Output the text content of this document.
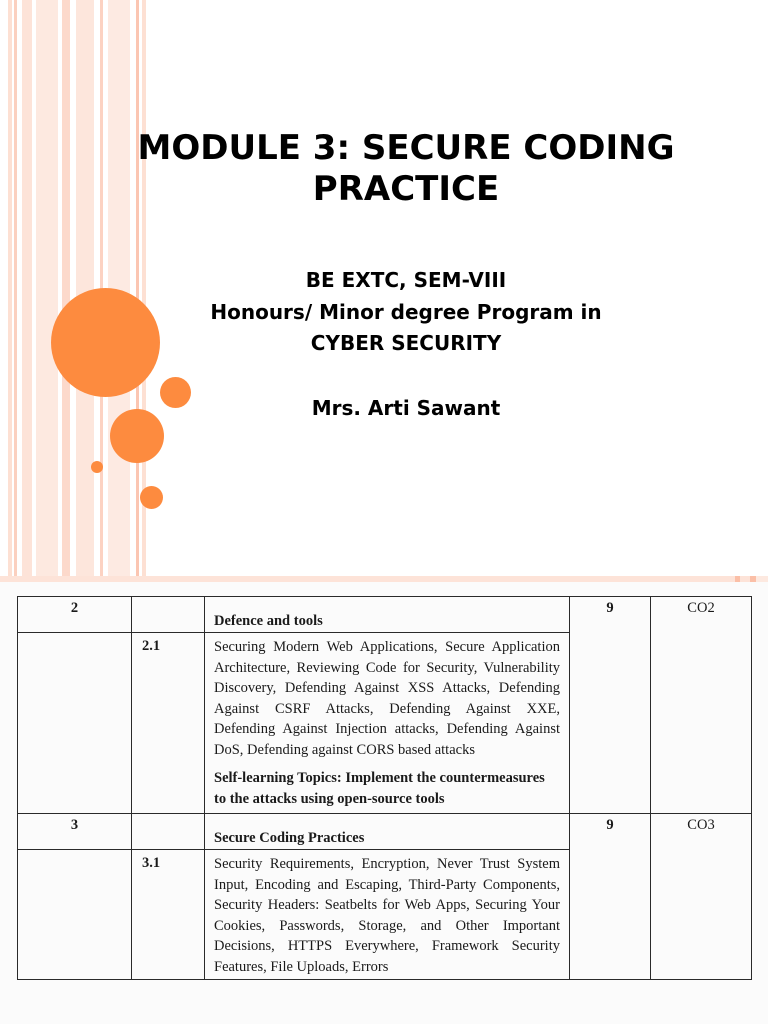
MODULE 3: SECURE CODING
PRACTICE
BE EXTC, SEM-VIII
Honours/ Minor degree Program in
CYBER SECURITY
Mrs. Arti Sawant
2		Defence and tools	9	CO2
	2.1	Securing Modern Web Applications, Secure Application Architecture, Reviewing Code for Security, Vulnerability Discovery, Defending Against XSS Attacks, Defending Against CSRF Attacks, Defending Against XXE, Defending Against Injection attacks, Defending Against DoS, Defending against CORS based attacks
Self-learning Topics: Implement the countermeasures to the attacks using open-source tools		

3		Secure Coding Practices	9	CO3
	3.1	Security Requirements, Encryption, Never Trust System Input, Encoding and Escaping, Third-Party Components, Security Headers: Seatbelts for Web Apps, Securing Your Cookies, Passwords, Storage, and Other Important Decisions, HTTPS Everywhere, Framework Security Features, File Uploads, Errors		
